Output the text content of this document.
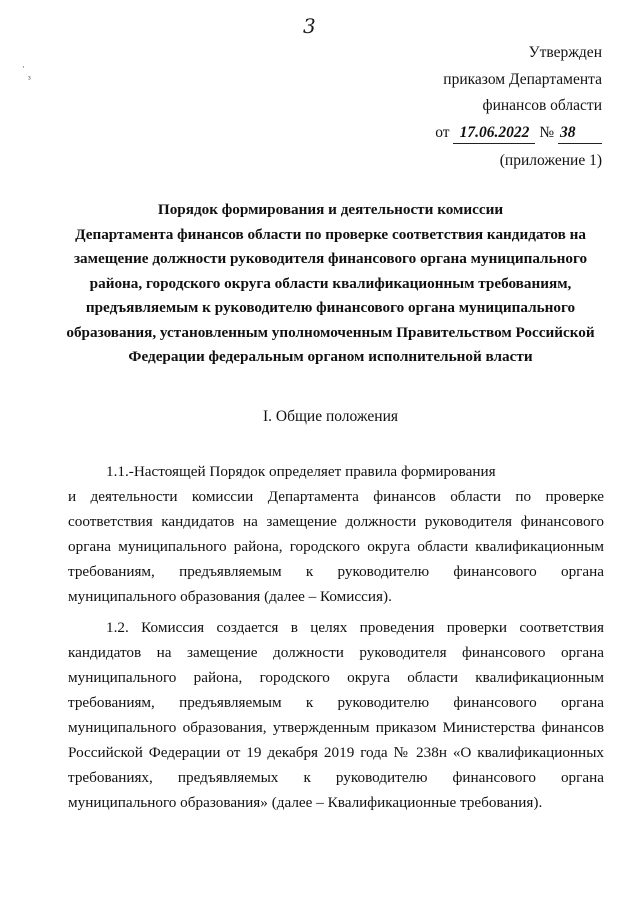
3
·
³
Утвержден
приказом Департамента
финансов области
от 17.06.2022 № 38
(приложение 1)
Порядок формирования и деятельности комиссии
Департамента финансов области по проверке соответствия кандидатов на
замещение должности руководителя финансового органа муниципального
района, городского округа области квалификационным требованиям,
предъявляемым к руководителю финансового органа муниципального
образования, установленным уполномоченным Правительством Российской
Федерации федеральным органом исполнительной власти
I. Общие положения

1.1.-Настоящей Порядок определяет правила формирования
и деятельности комиссии Департамента финансов области по проверке соответствия кандидатов на замещение должности руководителя финансового органа муниципального района, городского округа области квалификационным требованиям, предъявляемым к руководителю финансового органа муниципального образования (далее – Комиссия).

1.2. Комиссия создается в целях проведения проверки соответствия кандидатов на замещение должности руководителя финансового органа муниципального района, городского округа области квалификационным требованиям, предъявляемым к руководителю финансового органа муниципального образования, утвержденным приказом Министерства финансов Российской Федерации от 19 декабря 2019 года № 238н «О квалификационных требованиях, предъявляемых к руководителю финансового органа муниципального образования» (далее – Квалификационные требования).
